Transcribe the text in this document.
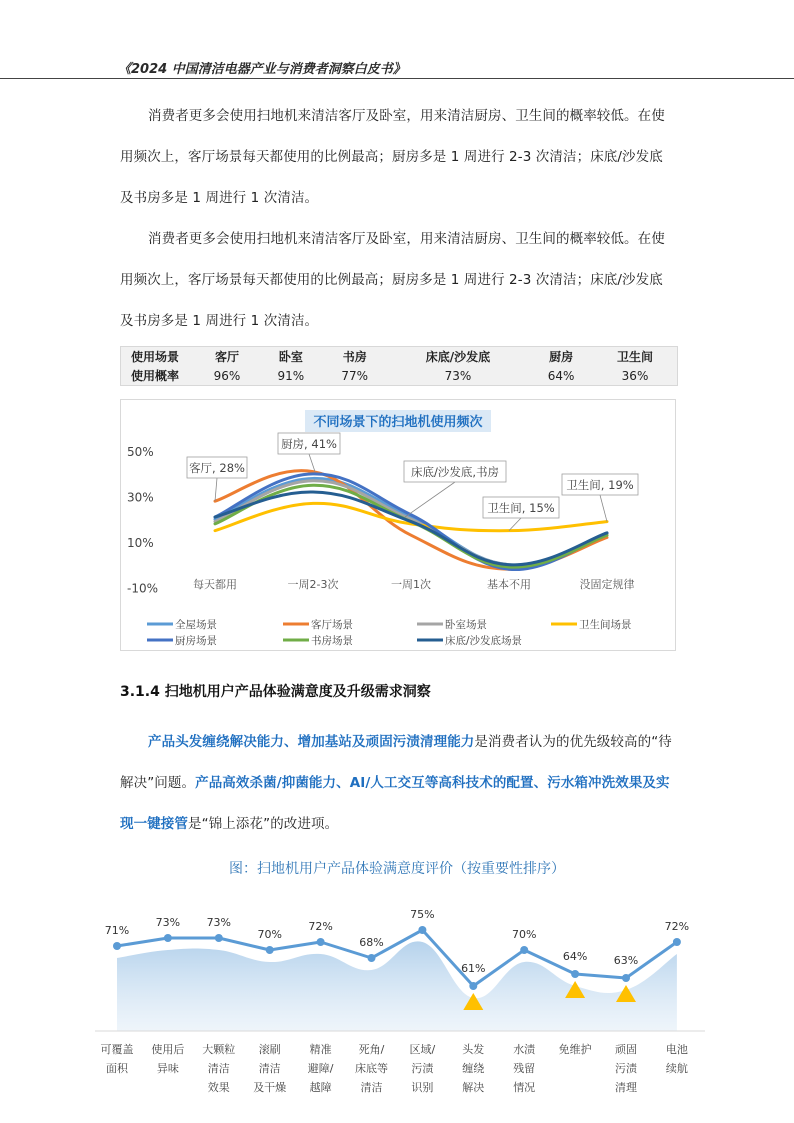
《2024 中国清洁电器产业与消费者洞察白皮书》

消费者更多会使用扫地机来清洁客厅及卧室，用来清洁厨房、卫生间的概率较低。在使用频次上，客厅场景每天都使用的比例最高；厨房多是 1 周进行 2-3 次清洁；床底/沙发底及书房多是 1 周进行 1 次清洁。

消费者更多会使用扫地机来清洁客厅及卧室，用来清洁厨房、卫生间的概率较低。在使用频次上，客厅场景每天都使用的比例最高；厨房多是 1 周进行 2-3 次清洁；床底/沙发底及书房多是 1 周进行 1 次清洁。

使用场景	客厅	卧室	书房	床底/沙发底	厨房	卫生间
使用概率	96%	91%	77%	73%	64%	36%
不同场景下的扫地机使用频次
50%
30%
10%
-10%	每天都用	一周2-3次	一周1次	基本不用	没固定规律
客厅, 28%
厨房, 41%
床底/沙发底,书房
卫生间, 15%
卫生间, 19%
全屋场景	客厅场景	卧室场景	卫生间场景
厨房场景	书房场景	床底/沙发底场景
3.1.4 扫地机用户产品体验满意度及升级需求洞察

产品头发缠绕解决能力、增加基站及顽固污渍清理能力是消费者认为的优先级较高的“待解决”问题。产品高效杀菌/抑菌能力、AI/人工交互等高科技术的配置、污水箱冲洗效果及实现一键接管是“锦上添花”的改进项。

图：扫地机用户产品体验满意度评价（按重要性排序）
71%
73% 73%
70%
72%
68%
75%
61%
70%
64% 63%
72%
可覆盖
面积
使用后
异味
大颗粒
清洁
效果
滚刷
清洁
及干燥
精准
避障/
越障
死角/
床底等
清洁
区域/
污渍
识别
头发
缠绕
解决
水渍
残留
情况
免维护 顽固
污渍
清理
电池
续航
